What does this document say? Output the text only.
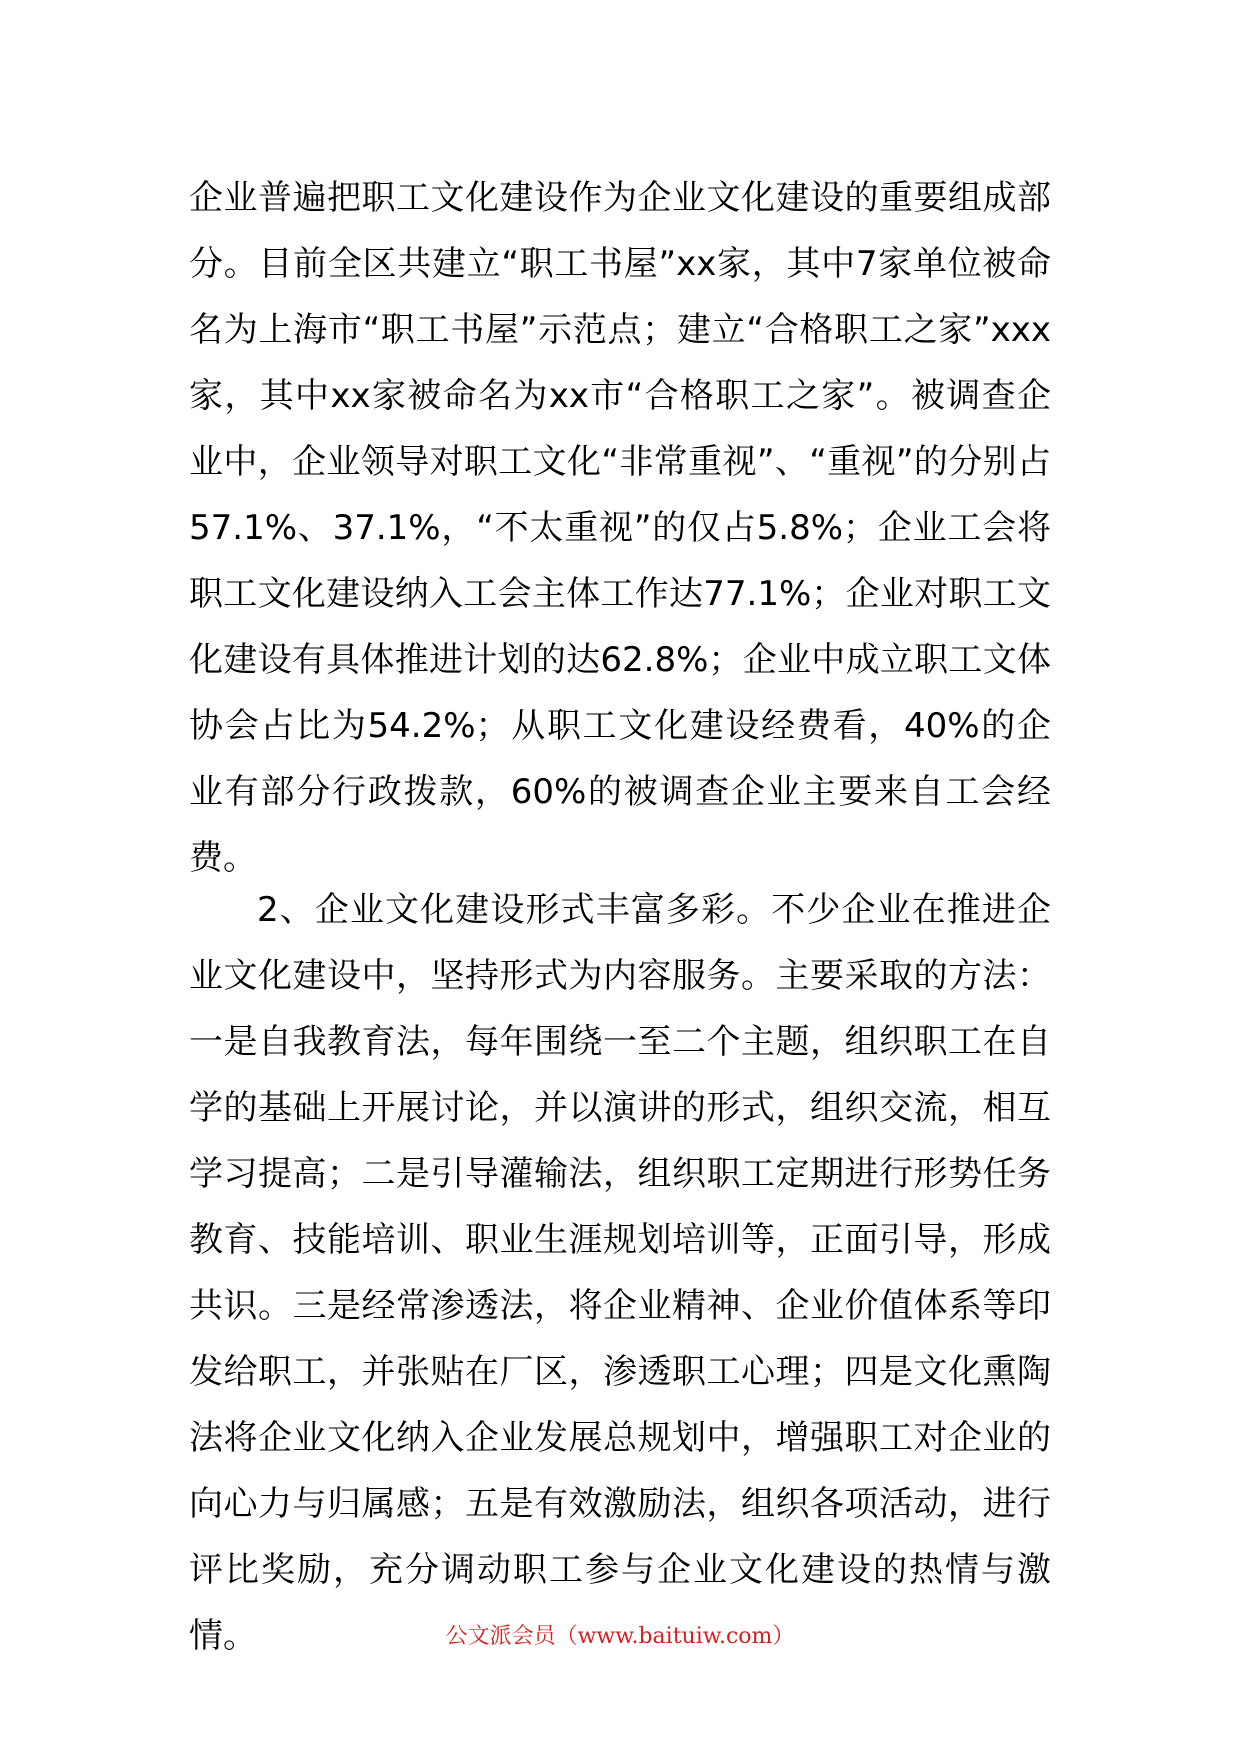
企业普遍把职工文化建设作为企业文化建设的重要组成部分。目前全区共建立“职工书屋”xx家，其中7家单位被命名为上海市“职工书屋”示范点；建立“合格职工之家”xxx家，其中xx家被命名为xx市“合格职工之家”。被调查企业中，企业领导对职工文化“非常重视”、“重视”的分别占57.1%、37.1%，“不太重视”的仅占5.8%；企业工会将职工文化建设纳入工会主体工作达77.1%；企业对职工文化建设有具体推进计划的达62.8%；企业中成立职工文体协会占比为54.2%；从职工文化建设经费看，40%的企业有部分行政拨款，60%的被调查企业主要来自工会经费。

2、企业文化建设形式丰富多彩。不少企业在推进企业文化建设中，坚持形式为内容服务。主要采取的方法：一是自我教育法，每年围绕一至二个主题，组织职工在自学的基础上开展讨论，并以演讲的形式，组织交流，相互学习提高；二是引导灌输法，组织职工定期进行形势任务教育、技能培训、职业生涯规划培训等，正面引导，形成共识。三是经常渗透法，将企业精神、企业价值体系等印发给职工，并张贴在厂区，渗透职工心理；四是文化熏陶法将企业文化纳入企业发展总规划中，增强职工对企业的向心力与归属感；五是有效激励法，组织各项活动，进行评比奖励，充分调动职工参与企业文化建设的热情与激情。	公文派会员（www.baituiw.com）
